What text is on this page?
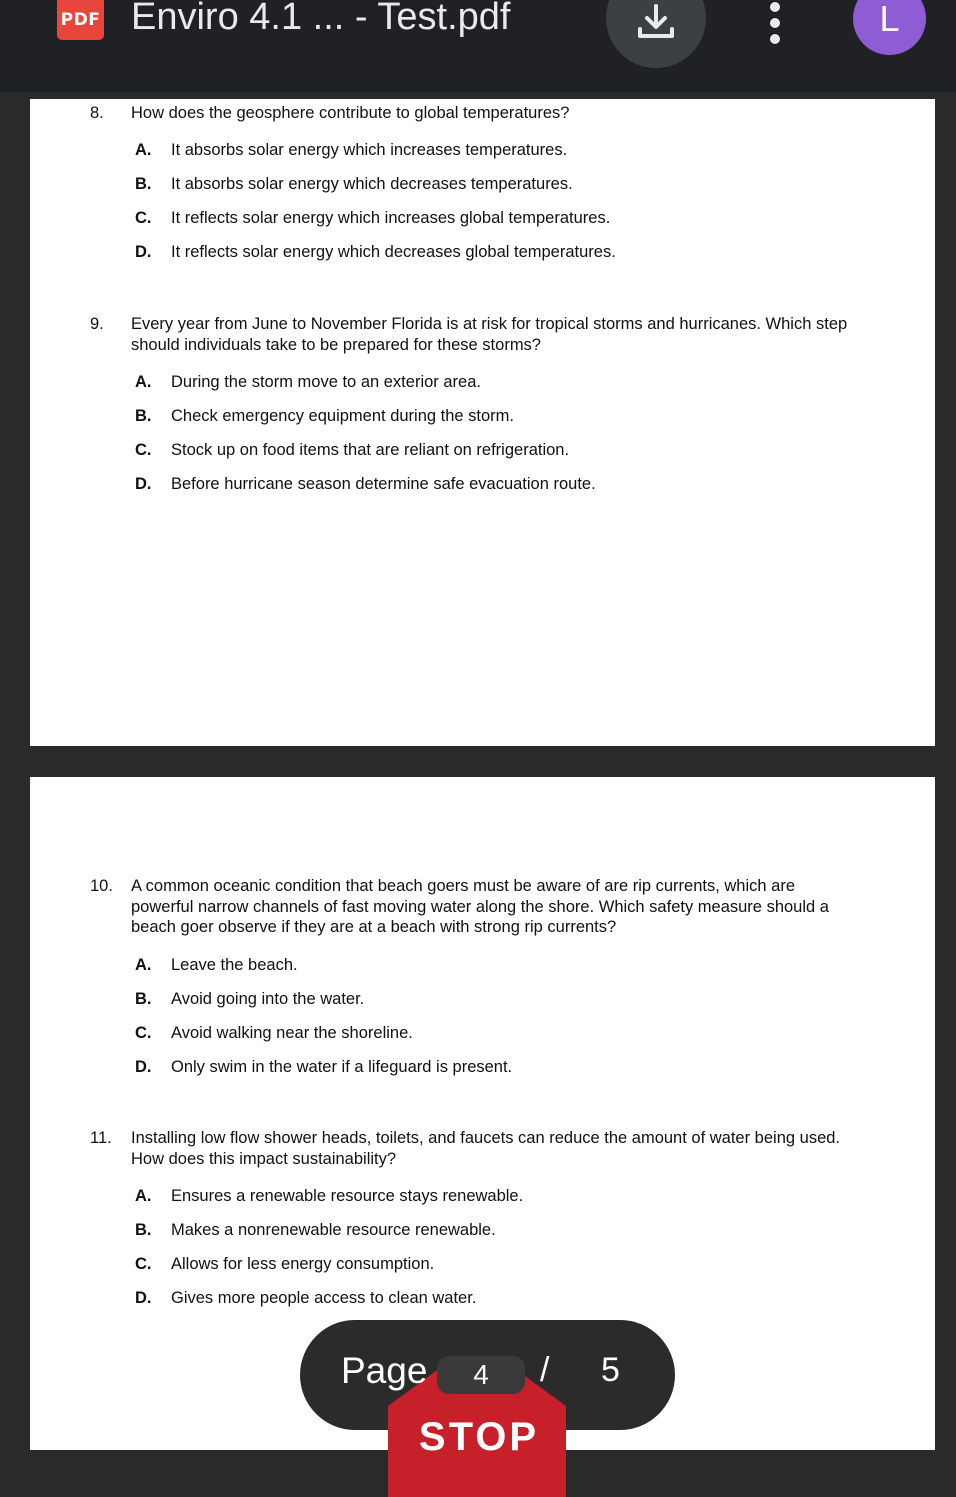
PDF Enviro 4.1 ... - Test.pdf	L
8. How does the geosphere contribute to global temperatures?
A. It absorbs solar energy which increases temperatures.
B. It absorbs solar energy which decreases temperatures.
C. It reflects solar energy which increases global temperatures.
D. It reflects solar energy which decreases global temperatures.
9. Every year from June to November Florida is at risk for tropical storms and hurricanes. Which step should individuals take to be prepared for these storms?
A. During the storm move to an exterior area.
B. Check emergency equipment during the storm.
C. Stock up on food items that are reliant on refrigeration.
D. Before hurricane season determine safe evacuation route.
10. A common oceanic condition that beach goers must be aware of are rip currents, which are powerful narrow channels of fast moving water along the shore. Which safety measure should a beach goer observe if they are at a beach with strong rip currents?
A. Leave the beach.
B. Avoid going into the water.
C. Avoid walking near the shoreline.
D. Only swim in the water if a lifeguard is present.
11. Installing low flow shower heads, toilets, and faucets can reduce the amount of water being used. How does this impact sustainability?
A. Ensures a renewable resource stays renewable.
B. Makes a nonrenewable resource renewable.
C. Allows for less energy consumption.
D. Gives more people access to clean water.
STOP
Page	4	/ 5
